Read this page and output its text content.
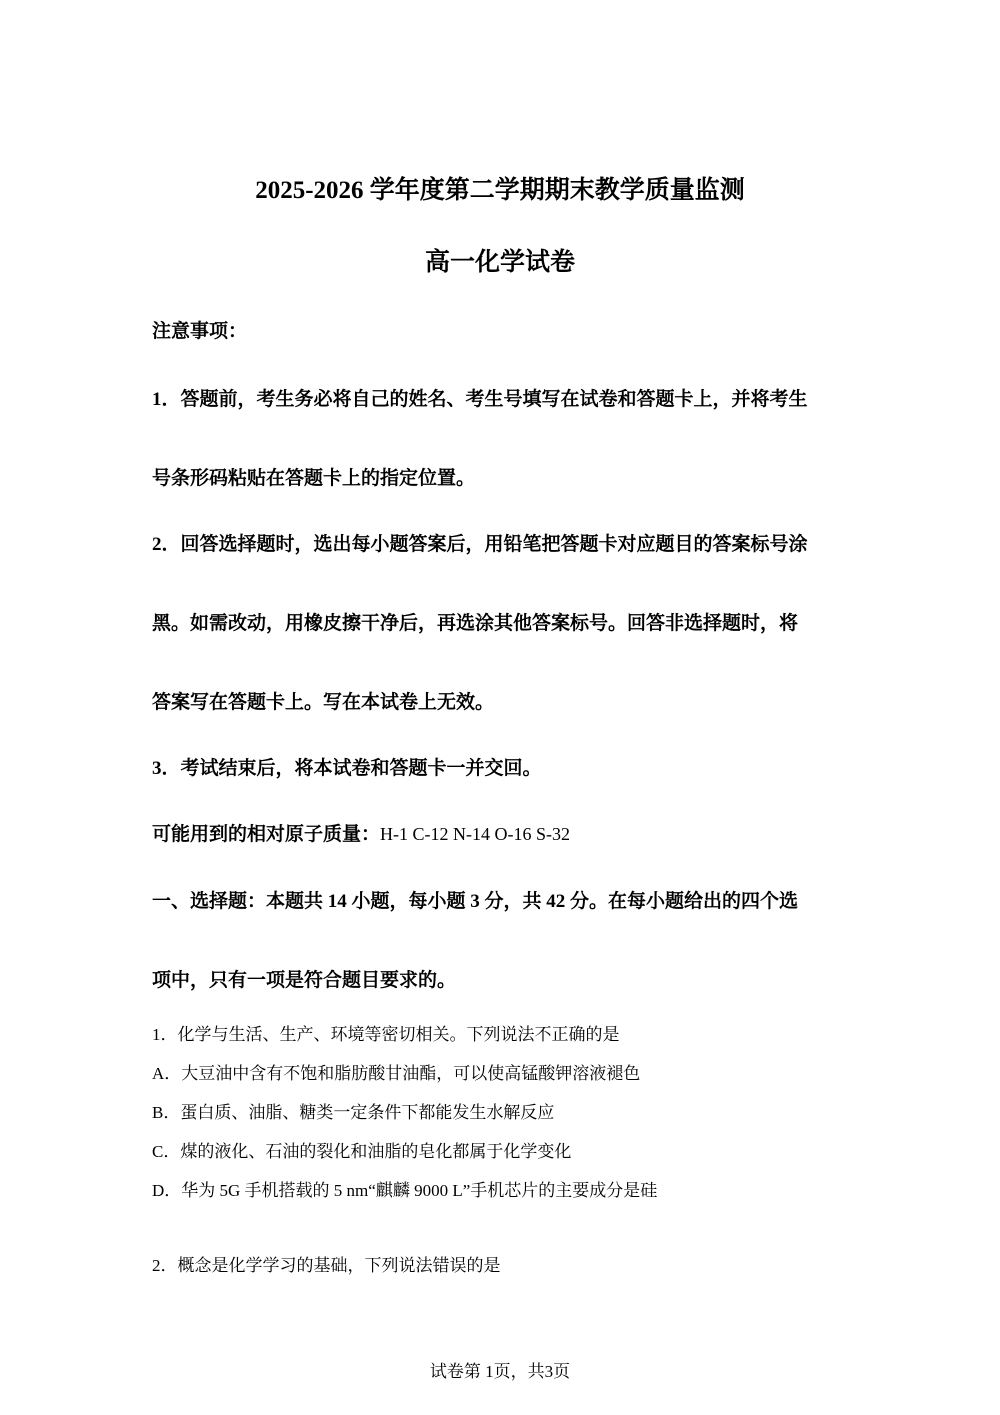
2025-2026 学年度第二学期期末教学质量监测
高一化学试卷
注意事项：
1．答题前，考生务必将自己的姓名、考生号填写在试卷和答题卡上，并将考生
号条形码粘贴在答题卡上的指定位置。
2．回答选择题时，选出每小题答案后，用铅笔把答题卡对应题目的答案标号涂
黑。如需改动，用橡皮擦干净后，再选涂其他答案标号。回答非选择题时，将
答案写在答题卡上。写在本试卷上无效。
3．考试结束后，将本试卷和答题卡一并交回。
可能用到的相对原子质量：H-1 C-12 N-14 O-16 S-32
一、选择题：本题共 14 小题，每小题 3 分，共 42 分。在每小题给出的四个选
项中，只有一项是符合题目要求的。
1．化学与生活、生产、环境等密切相关。下列说法不正确的是
A．大豆油中含有不饱和脂肪酸甘油酯，可以使高锰酸钾溶液褪色
B．蛋白质、油脂、糖类一定条件下都能发生水解反应
C．煤的液化、石油的裂化和油脂的皂化都属于化学变化
D．华为 5G 手机搭载的 5 nm“麒麟 9000 L”手机芯片的主要成分是硅
2．概念是化学学习的基础，下列说法错误的是
试卷第 1页，共3页
